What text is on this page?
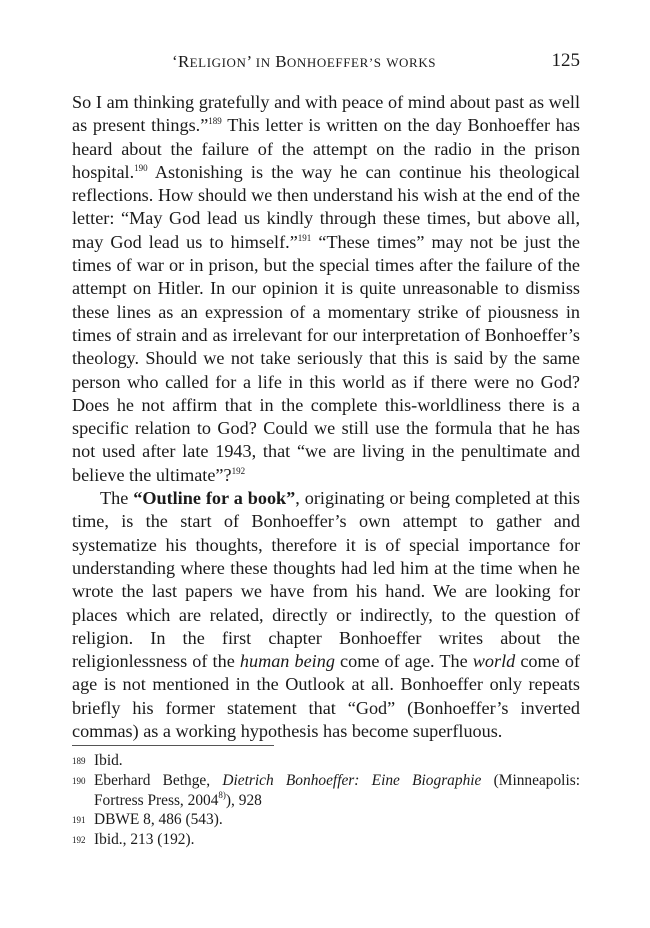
‘RELIGION’ IN BONHOEFFER’S WORKS	125

So I am thinking gratefully and with peace of mind about past as well as present things.”$^{189}$ This letter is written on the day Bonhoeffer has heard about the failure of the attempt on the radio in the prison hospital.$^{190}$ Astonishing is the way he can continue his theological reflections. How should we then understand his wish at the end of the letter: “May God lead us kindly through these times, but above all, may God lead us to himself.”$^{191}$ “These times” may not be just the times of war or in prison, but the special times after the failure of the attempt on Hitler. In our opinion it is quite unreasonable to dismiss these lines as an expression of a momentary strike of piousness in times of strain and as irrelevant for our interpretation of Bonhoeffer’s theology. Should we not take seriously that this is said by the same person who called for a life in this world as if there were no God? Does he not affirm that in the complete this-worldliness there is a specific relation to God? Could we still use the formula that he has not used after late 1943, that “we are living in the penultimate and believe the ultimate”?$^{192}$

The “Outline for a book”, originating or being completed at this time, is the start of Bonhoeffer’s own attempt to gather and systematize his thoughts, therefore it is of special importance for understanding where these thoughts had led him at the time when he wrote the last papers we have from his hand. We are looking for places which are related, directly or indirectly, to the question of religion. In the first chapter Bonhoeffer writes about the religionlessness of the human being come of age. The world come of age is not mentioned in the Outlook at all. Bonhoeffer only repeats briefly his former statement that “God” (Bonhoeffer’s inverted commas) as a working hypothesis has become superfluous.

189 Ibid.
190 Eberhard Bethge, Dietrich Bonhoeffer: Eine Biographie (Minneapolis: Fortress Press, 2004$^{8)}$), 928
191 DBWE 8, 486 (543).
192 Ibid., 213 (192).
